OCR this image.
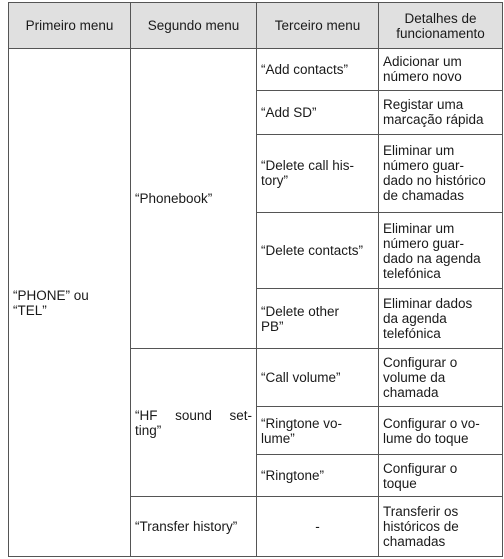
Primeiro menu	Segundo menu	Terceiro menu	Detalhes de
funcionamento

“PHONE” ou
“TEL”	“Phonebook”	“Add contacts”	Adicionar um
número novo

		“Add SD”	Registar uma
marcação rápida

		“Delete call his-
tory”	Eliminar um
número guar-
dado no histórico
de chamadas

		“Delete contacts”	Eliminar um
número guar-
dado na agenda
telefónica

		“Delete other
PB”	Eliminar dados
da agenda
telefónica

	“HF sound set-
ting”	“Call volume”	Configurar o
volume da
chamada

		“Ringtone vo-
lume”	Configurar o vo-
lume do toque

		“Ringtone”	Configurar o
toque

	“Transfer history”	-	Transferir os
históricos de
chamadas
